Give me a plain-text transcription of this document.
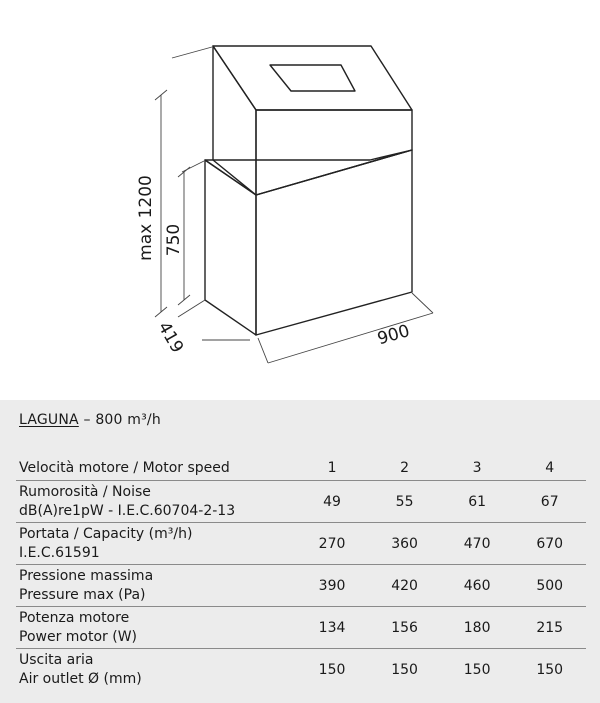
max 1200 750
419	900
LAGUNA – 800 m³/h
Velocità motore / Motor speed	1	2	3	4
Rumorosità / Noise
dB(A)re1pW - I.E.C.60704-2-13	49	55	61	67
Portata / Capacity (m³/h)
I.E.C.61591	270	360	470	670
Pressione massima
Pressure max (Pa)	390	420	460	500
Potenza motore
Power motor (W)	134	156	180	215
Uscita aria
Air outlet Ø (mm)	150	150	150	150
